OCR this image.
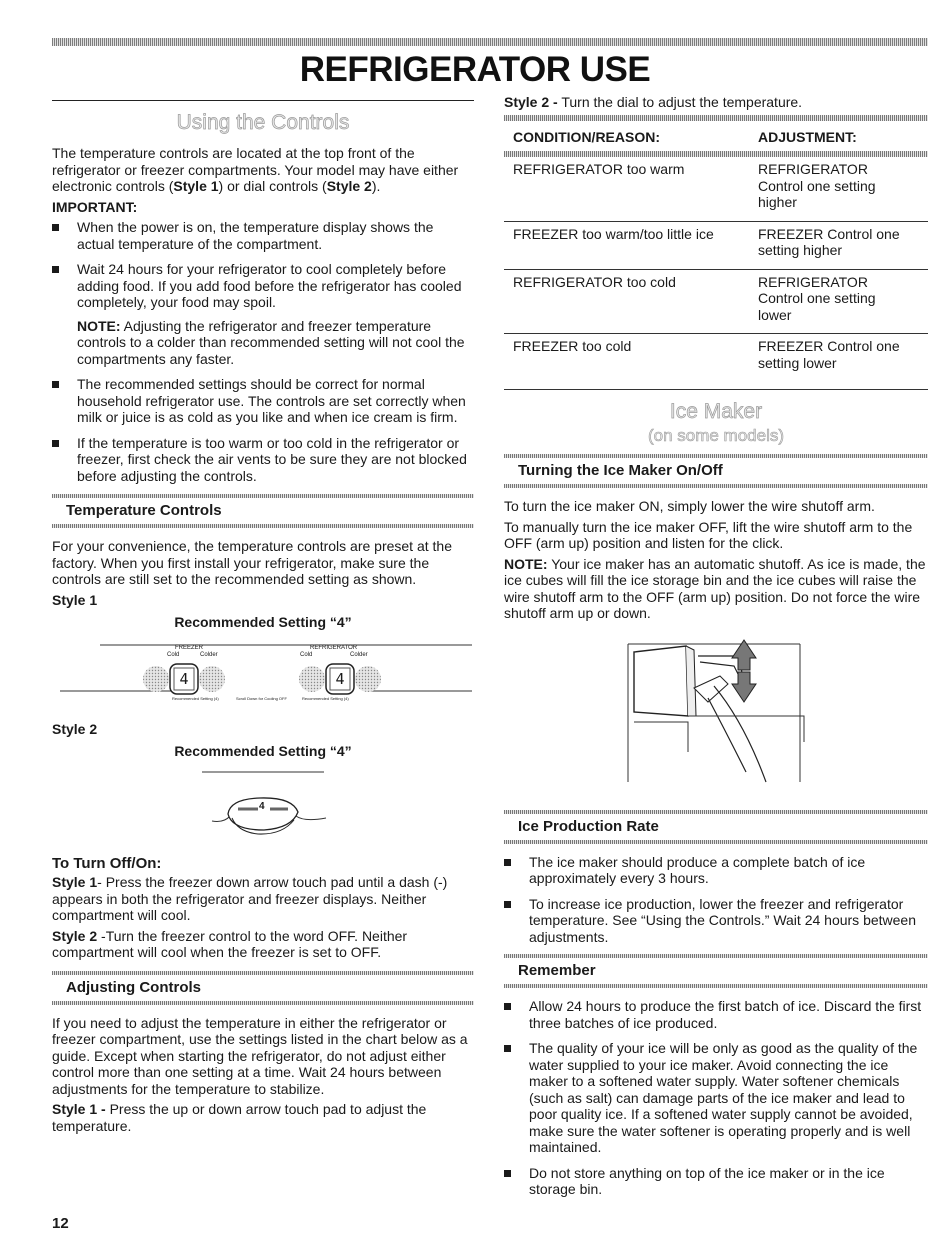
REFRIGERATOR USE
Using the Controls

The temperature controls are located at the top front of the refrigerator or freezer compartments. Your model may have either electronic controls (Style 1) or dial controls (Style 2).

IMPORTANT:
When the power is on, the temperature display shows the actual temperature of the compartment.
Wait 24 hours for your refrigerator to cool completely before adding food. If you add food before the refrigerator has cooled completely, your food may spoil.

NOTE: Adjusting the refrigerator and freezer temperature controls to a colder than recommended setting will not cool the compartments any faster.

The recommended settings should be correct for normal household refrigerator use. The controls are set correctly when milk or juice is as cold as you like and when ice cream is firm.
If the temperature is too warm or too cold in the refrigerator or freezer, first check the air vents to be sure they are not blocked before adjusting the controls.
Temperature Controls

For your convenience, the temperature controls are preset at the factory. When you first install your refrigerator, make sure the controls are still set to the recommended setting as shown.

Style 1
Recommended Setting “4”
FREEZER
Cold	Colder
REFRIGERATOR
Cold	Colder
4	4
Recommended Setting (4)	Scroll Down for Cooling OFF	Recommended Setting (4)
Style 2
Recommended Setting “4”
4
To Turn Off/On:

Style 1- Press the freezer down arrow touch pad until a dash (-) appears in both the refrigerator and freezer displays. Neither compartment will cool.

Style 2 -Turn the freezer control to the word OFF. Neither compartment will cool when the freezer is set to OFF.

Adjusting Controls

If you need to adjust the temperature in either the refrigerator or freezer compartment, use the settings listed in the chart below as a guide. Except when starting the refrigerator, do not adjust either control more than one setting at a time. Wait 24 hours between adjustments for the temperature to stabilize.

Style 1 - Press the up or down arrow touch pad to adjust the temperature.

Style 2 - Turn the dial to adjust the temperature.

CONDITION/REASON:	ADJUSTMENT:

REFRIGERATOR too warm	REFRIGERATOR Control one setting higher
FREEZER too warm/too little ice	FREEZER Control one setting higher
REFRIGERATOR too cold	REFRIGERATOR Control one setting lower
FREEZER too cold	FREEZER Control one setting lower
Ice Maker
(on some models)
Turning the Ice Maker On/Off

To turn the ice maker ON, simply lower the wire shutoff arm.

To manually turn the ice maker OFF, lift the wire shutoff arm to the OFF (arm up) position and listen for the click.

NOTE: Your ice maker has an automatic shutoff. As ice is made, the ice cubes will fill the ice storage bin and the ice cubes will raise the wire shutoff arm to the OFF (arm up) position. Do not force the wire shutoff arm up or down.

Ice Production Rate
The ice maker should produce a complete batch of ice approximately every 3 hours.
To increase ice production, lower the freezer and refrigerator temperature. See “Using the Controls.” Wait 24 hours between adjustments.
Remember
Allow 24 hours to produce the first batch of ice. Discard the first three batches of ice produced.
The quality of your ice will be only as good as the quality of the water supplied to your ice maker. Avoid connecting the ice maker to a softened water supply. Water softener chemicals (such as salt) can damage parts of the ice maker and lead to poor quality ice. If a softened water supply cannot be avoided, make sure the water softener is operating properly and is well maintained.
Do not store anything on top of the ice maker or in the ice storage bin.
12
